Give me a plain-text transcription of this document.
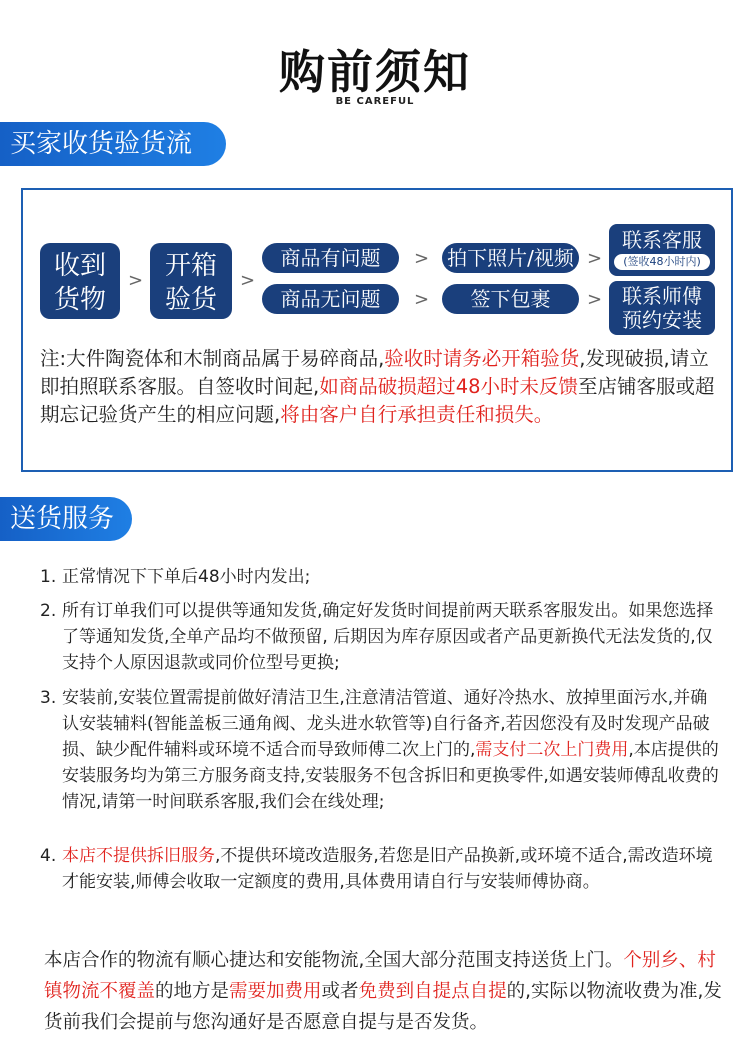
购前须知
BE CAREFUL
买家收货验货流程
收到
货物
> 开箱
验货
>
商品有问题
商品无问题
>
>
拍下照片/视频
签下包裹
>
>
联系客服
(签收48小时内)
联系师傅
预约安装
注:大件陶瓷体和木制商品属于易碎商品,验收时请务必开箱验货,发现破损,请立即拍照联系客服。自签收时间起,如商品破损超过48小时未反馈至店铺客服或超期忘记验货产生的相应问题,将由客户自行承担责任和损失。
送货服务
1. 正常情况下下单后48小时内发出;
2. 所有订单我们可以提供等通知发货,确定好发货时间提前两天联系客服发出。如果您选择了等通知发货,全单产品均不做预留, 后期因为库存原因或者产品更新换代无法发货的,仅支持个人原因退款或同价位型号更换;
3. 安装前,安装位置需提前做好清洁卫生,注意清洁管道、通好冷热水、放掉里面污水,并确认安装辅料(智能盖板三通角阀、龙头进水软管等)自行备齐,若因您没有及时发现产品破损、缺少配件辅料或环境不适合而导致师傅二次上门的,需支付二次上门费用,本店提供的安装服务均为第三方服务商支持,安装服务不包含拆旧和更换零件,如遇安装师傅乱收费的情况,请第一时间联系客服,我们会在线处理;
4. 本店不提供拆旧服务,不提供环境改造服务,若您是旧产品换新,或环境不适合,需改造环境才能安装,师傅会收取一定额度的费用,具体费用请自行与安装师傅协商。
本店合作的物流有顺心捷达和安能物流,全国大部分范围支持送货上门。个别乡、村镇物流不覆盖的地方是需要加费用或者免费到自提点自提的,实际以物流收费为准,发货前我们会提前与您沟通好是否愿意自提与是否发货。
